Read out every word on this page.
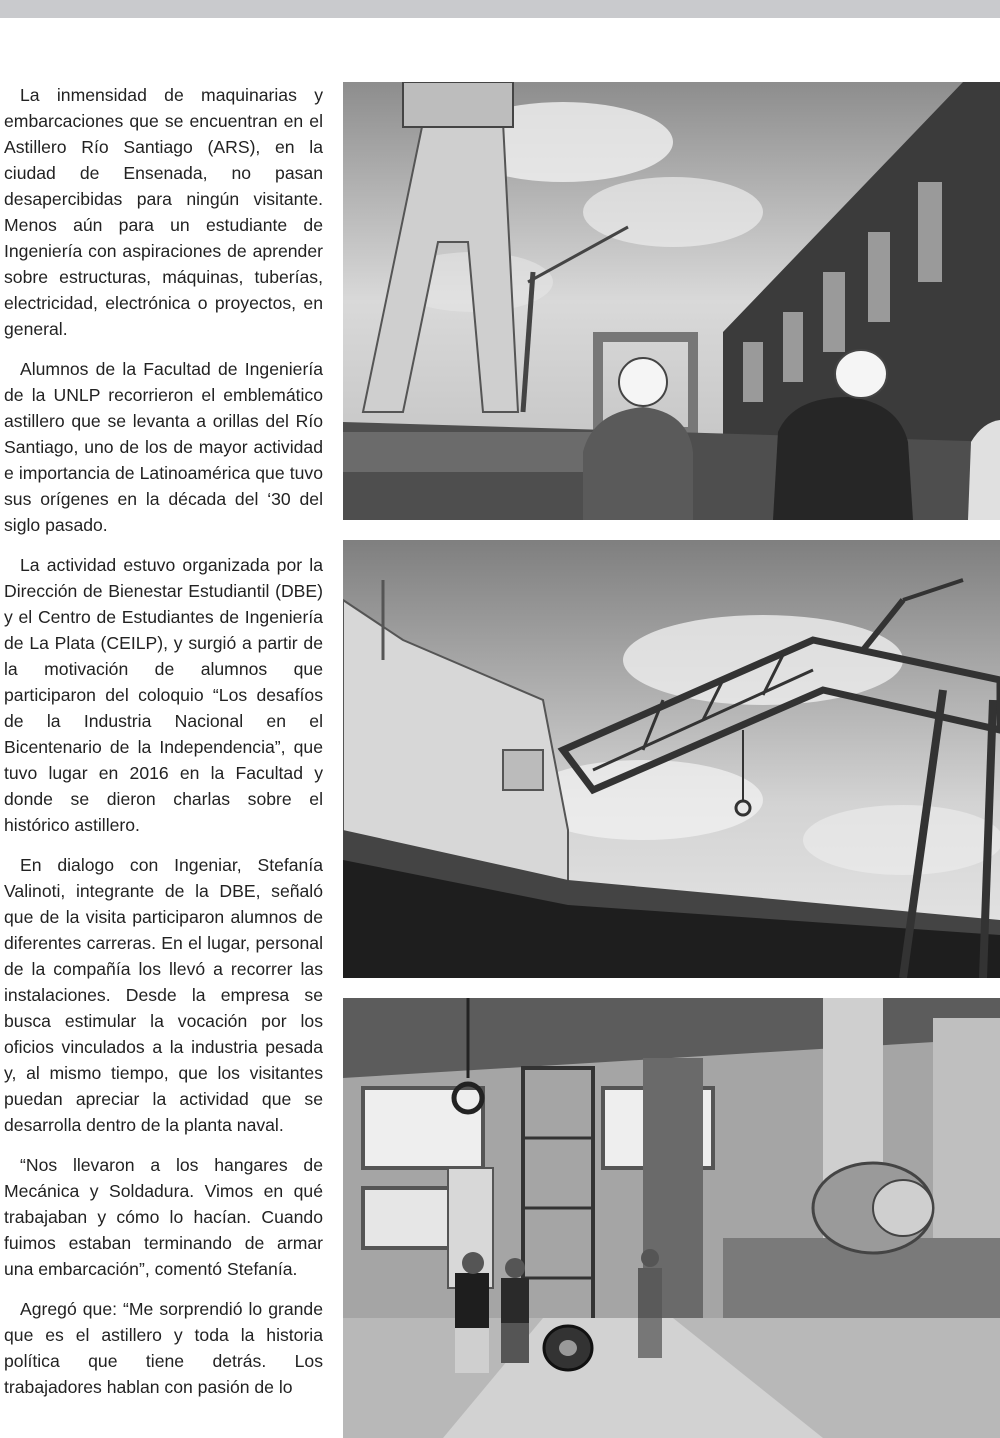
La inmensidad de maquinarias y embarcaciones que se encuentran en el Astillero Río Santiago (ARS), en la ciudad de Ensenada, no pasan desapercibidas para ningún visitante. Menos aún para un estudiante de Ingeniería con aspiraciones de aprender sobre estructuras, máquinas, tuberías, electricidad, electrónica o proyectos, en general.

Alumnos de la Facultad de Ingeniería de la UNLP recorrieron el emblemático astillero que se levanta a orillas del Río Santiago, uno de los de mayor actividad e importancia de Latinoamérica que tuvo sus orígenes en la década del ‘30 del siglo pasado.

La actividad estuvo organizada por la Dirección de Bienestar Estudiantil (DBE) y el Centro de Estudiantes de Ingeniería de La Plata (CEILP), y surgió a partir de la motivación de alumnos que participaron del coloquio “Los desafíos de la Industria Nacional en el Bicentenario de la Independencia”, que tuvo lugar en 2016 en la Facultad y donde se dieron charlas sobre el histórico astillero.

En dialogo con Ingeniar, Stefanía Valinoti, integrante de la DBE, señaló que de la visita participaron alumnos de diferentes carreras. En el lugar, personal de la compañía los llevó a recorrer las instalaciones. Desde la empresa se busca estimular la vocación por los oficios vinculados a la industria pesada y, al mismo tiempo, que los visitantes puedan apreciar la actividad que se desarrolla dentro de la planta naval.

“Nos llevaron a los hangares de Mecánica y Soldadura. Vimos en qué trabajaban y cómo lo hacían. Cuando fuimos estaban terminando de armar una embarcación”, comentó Stefanía.

Agregó que: “Me sorprendió lo grande que es el astillero y toda la historia política que tiene detrás. Los trabajadores hablan con pasión de lo
